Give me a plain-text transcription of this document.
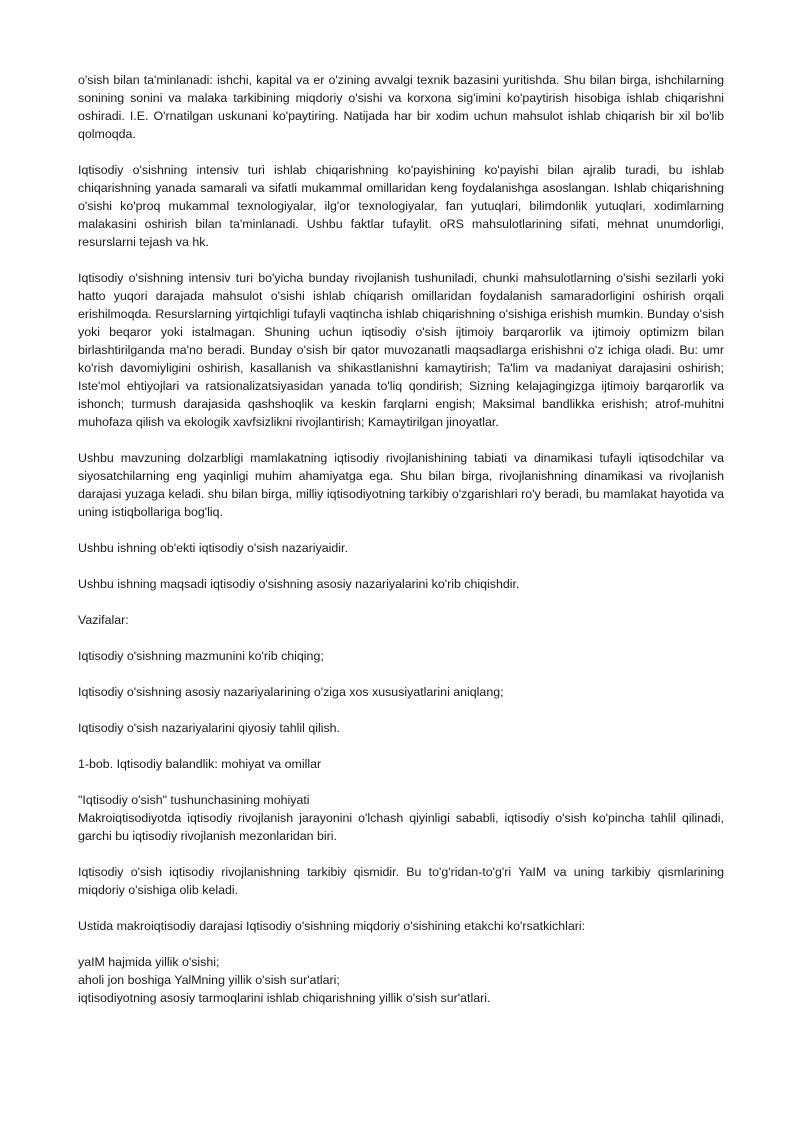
o'sish bilan ta'minlanadi: ishchi, kapital va er o'zining avvalgi texnik bazasini yuritishda. Shu bilan birga, ishchilarning sonining sonini va malaka tarkibining miqdoriy o'sishi va korxona sig'imini ko'paytirish hisobiga ishlab chiqarishni oshiradi. I.E. O'rnatilgan uskunani ko'paytiring. Natijada har bir xodim uchun mahsulot ishlab chiqarish bir xil bo'lib qolmoqda.

Iqtisodiy o'sishning intensiv turi ishlab chiqarishning ko'payishining ko'payishi bilan ajralib turadi, bu ishlab chiqarishning yanada samarali va sifatli mukammal omillaridan keng foydalanishga asoslangan. Ishlab chiqarishning o'sishi ko'proq mukammal texnologiyalar, ilg'or texnologiyalar, fan yutuqlari, bilimdonlik yutuqlari, xodimlarning malakasini oshirish bilan ta'minlanadi. Ushbu faktlar tufaylit. oRS mahsulotlarining sifati, mehnat unumdorligi, resurslarni tejash va hk.

Iqtisodiy o'sishning intensiv turi bo'yicha bunday rivojlanish tushuniladi, chunki mahsulotlarning o'sishi sezilarli yoki hatto yuqori darajada mahsulot o'sishi ishlab chiqarish omillaridan foydalanish samaradorligini oshirish orqali erishilmoqda. Resurslarning yirtqichligi tufayli vaqtincha ishlab chiqarishning o'sishiga erishish mumkin. Bunday o'sish yoki beqaror yoki istalmagan. Shuning uchun iqtisodiy o'sish ijtimoiy barqarorlik va ijtimoiy optimizm bilan birlashtirilganda ma'no beradi. Bunday o'sish bir qator muvozanatli maqsadlarga erishishni o'z ichiga oladi. Bu: umr ko'rish davomiyligini oshirish, kasallanish va shikastlanishni kamaytirish; Ta'lim va madaniyat darajasini oshirish; Iste'mol ehtiyojlari va ratsionalizatsiyasidan yanada to'liq qondirish; Sizning kelajagingizga ijtimoiy barqarorlik va ishonch; turmush darajasida qashshoqlik va keskin farqlarni engish; Maksimal bandlikka erishish; atrof-muhitni muhofaza qilish va ekologik xavfsizlikni rivojlantirish; Kamaytirilgan jinoyatlar.

Ushbu mavzuning dolzarbligi mamlakatning iqtisodiy rivojlanishining tabiati va dinamikasi tufayli iqtisodchilar va siyosatchilarning eng yaqinligi muhim ahamiyatga ega. Shu bilan birga, rivojlanishning dinamikasi va rivojlanish darajasi yuzaga keladi. shu bilan birga, milliy iqtisodiyotning tarkibiy o'zgarishlari ro'y beradi, bu mamlakat hayotida va uning istiqbollariga bog'liq.

Ushbu ishning ob'ekti iqtisodiy o'sish nazariyaidir.

Ushbu ishning maqsadi iqtisodiy o'sishning asosiy nazariyalarini ko'rib chiqishdir.

Vazifalar:

Iqtisodiy o'sishning mazmunini ko'rib chiqing;

Iqtisodiy o'sishning asosiy nazariyalarining o'ziga xos xususiyatlarini aniqlang;

Iqtisodiy o'sish nazariyalarini qiyosiy tahlil qilish.

1-bob. Iqtisodiy balandlik: mohiyat va omillar

"Iqtisodiy o'sish" tushunchasining mohiyati

Makroiqtisodiyotda iqtisodiy rivojlanish jarayonini o'lchash qiyinligi sababli, iqtisodiy o'sish ko'pincha tahlil qilinadi, garchi bu iqtisodiy rivojlanish mezonlaridan biri.

Iqtisodiy o'sish iqtisodiy rivojlanishning tarkibiy qismidir. Bu to'g'ridan-to'g'ri YaIM va uning tarkibiy qismlarining miqdoriy o'sishiga olib keladi.

Ustida makroiqtisodiy darajasi Iqtisodiy o'sishning miqdoriy o'sishining etakchi ko'rsatkichlari:

yaIM hajmida yillik o'sishi;

aholi jon boshiga YalMning yillik o'sish sur'atlari;

iqtisodiyotning asosiy tarmoqlarini ishlab chiqarishning yillik o'sish sur'atlari.
